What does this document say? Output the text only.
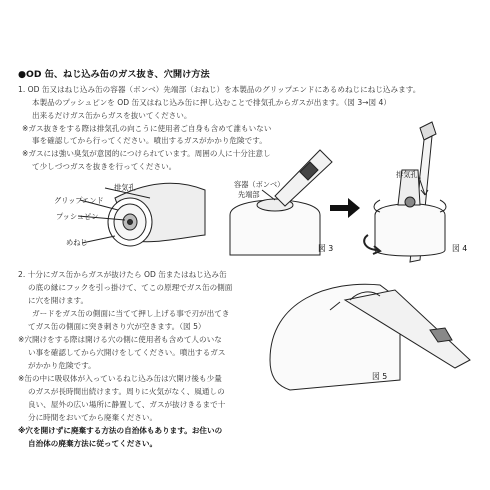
●OD 缶、ねじ込み缶のガス抜き、穴開け方法
1. OD 缶又はねじ込み缶の容器（ボンベ）先端部（おねじ）を本製品のグリップエンドにあるめねじにねじ込みます。
本製品のプッシュピンを OD 缶又はねじ込み缶に押し込むことで排気孔からガスが出ます。（図 3→図 4）
出来るだけガス缶からガスを抜いてください。
※ガス抜きをする際は排気孔の向こうに使用者ご自身も含めて誰もいない
事を確認してから行ってください。噴出するガスがかかり危険です。
※ガスには強い臭気が意図的につけられています。周囲の人に十分注意し
て少しづつガスを抜きを行ってください。
排気孔
グリップエンド
プッシュピン
めねじ
容器（ボンベ）
先端部
図 3
排気孔
図 4
2. 十分にガス缶からガスが抜けたら OD 缶またはねじ込み缶
の底の縁にフックを引っ掛けて、てこの原理でガス缶の側面
に穴を開けます。
ガードをガス缶の側面に当てて押し上げる事で刃が出てき
てガス缶の側面に突き刺さり穴が空きます。（図 5）
※穴開けをする際は開ける穴の側に使用者も含めて人のいな
い事を確認してから穴開けをしてください。噴出するガス
がかかり危険です。
※缶の中に吸収体が入っているねじ込み缶は穴開け後も少量
のガスが長時間出続けます。周りに火気がなく、風通しの
良い、屋外の広い場所に静置して、ガスが抜けきるまで十
分に時間をおいてから廃棄ください。
※穴を開けずに廃棄する方法の自治体もあります。お住いの
自治体の廃棄方法に従ってください。
図 5
